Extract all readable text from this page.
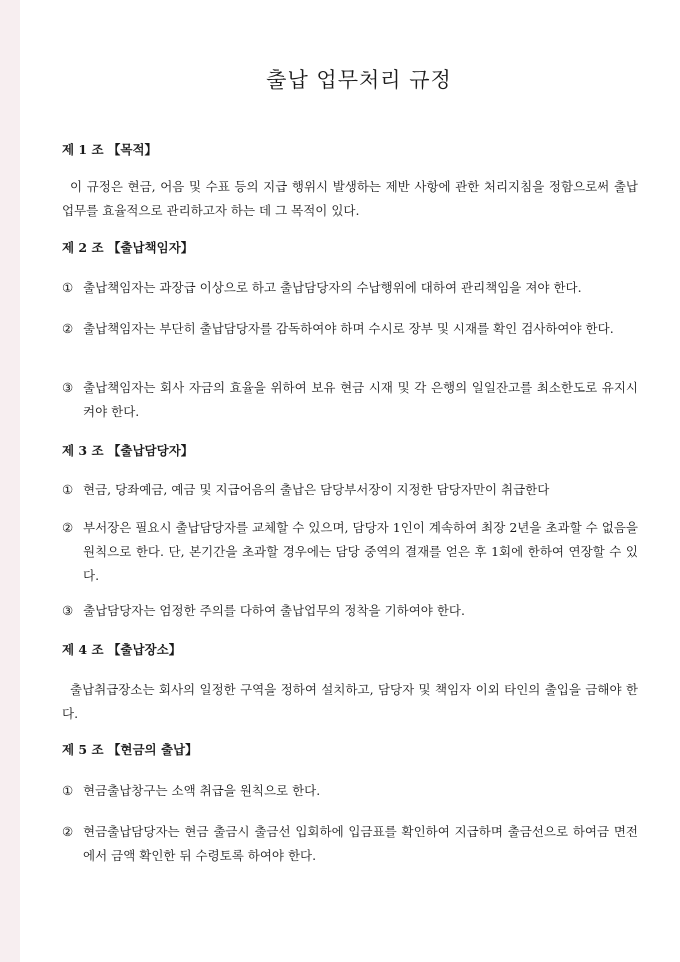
출납 업무처리 규정
제 1 조 【목적】

이 규정은 현금, 어음 및 수표 등의 지급 행위시 발생하는 제반 사항에 관한 처리지침을 정함으로써 출납업무를 효율적으로 관리하고자 하는 데 그 목적이 있다.

제 2 조 【출납책임자】
① 출납책임자는 과장급 이상으로 하고 출납담당자의 수납행위에 대하여 관리책임을 져야 한다.
② 출납책임자는 부단히 출납담당자를 감독하여야 하며 수시로 장부 및 시재를 확인 검사하여야 한다.
③ 출납책임자는 회사 자금의 효율을 위하여 보유 현금 시재 및 각 은행의 일일잔고를 최소한도로 유지시켜야 한다.
제 3 조 【출납담당자】
① 현금, 당좌예금, 예금 및 지급어음의 출납은 담당부서장이 지정한 담당자만이 취급한다
② 부서장은 필요시 출납담당자를 교체할 수 있으며, 담당자 1인이 계속하여 최장 2년을 초과할 수 없음을 원칙으로 한다. 단, 본기간을 초과할 경우에는 담당 중역의 결재를 얻은 후 1회에 한하여 연장할 수 있다.
③ 출납담당자는 엄정한 주의를 다하여 출납업무의 정착을 기하여야 한다.
제 4 조 【출납장소】

출납취급장소는 회사의 일정한 구역을 정하여 설치하고, 담당자 및 책임자 이외 타인의 출입을 금해야 한다.

제 5 조 【현금의 출납】
① 현금출납창구는 소액 취급을 원칙으로 한다.
② 현금출납담당자는 현금 출금시 출금선 입회하에 입금표를 확인하여 지급하며 출금선으로 하여금 면전에서 금액 확인한 뒤 수령토록 하여야 한다.
